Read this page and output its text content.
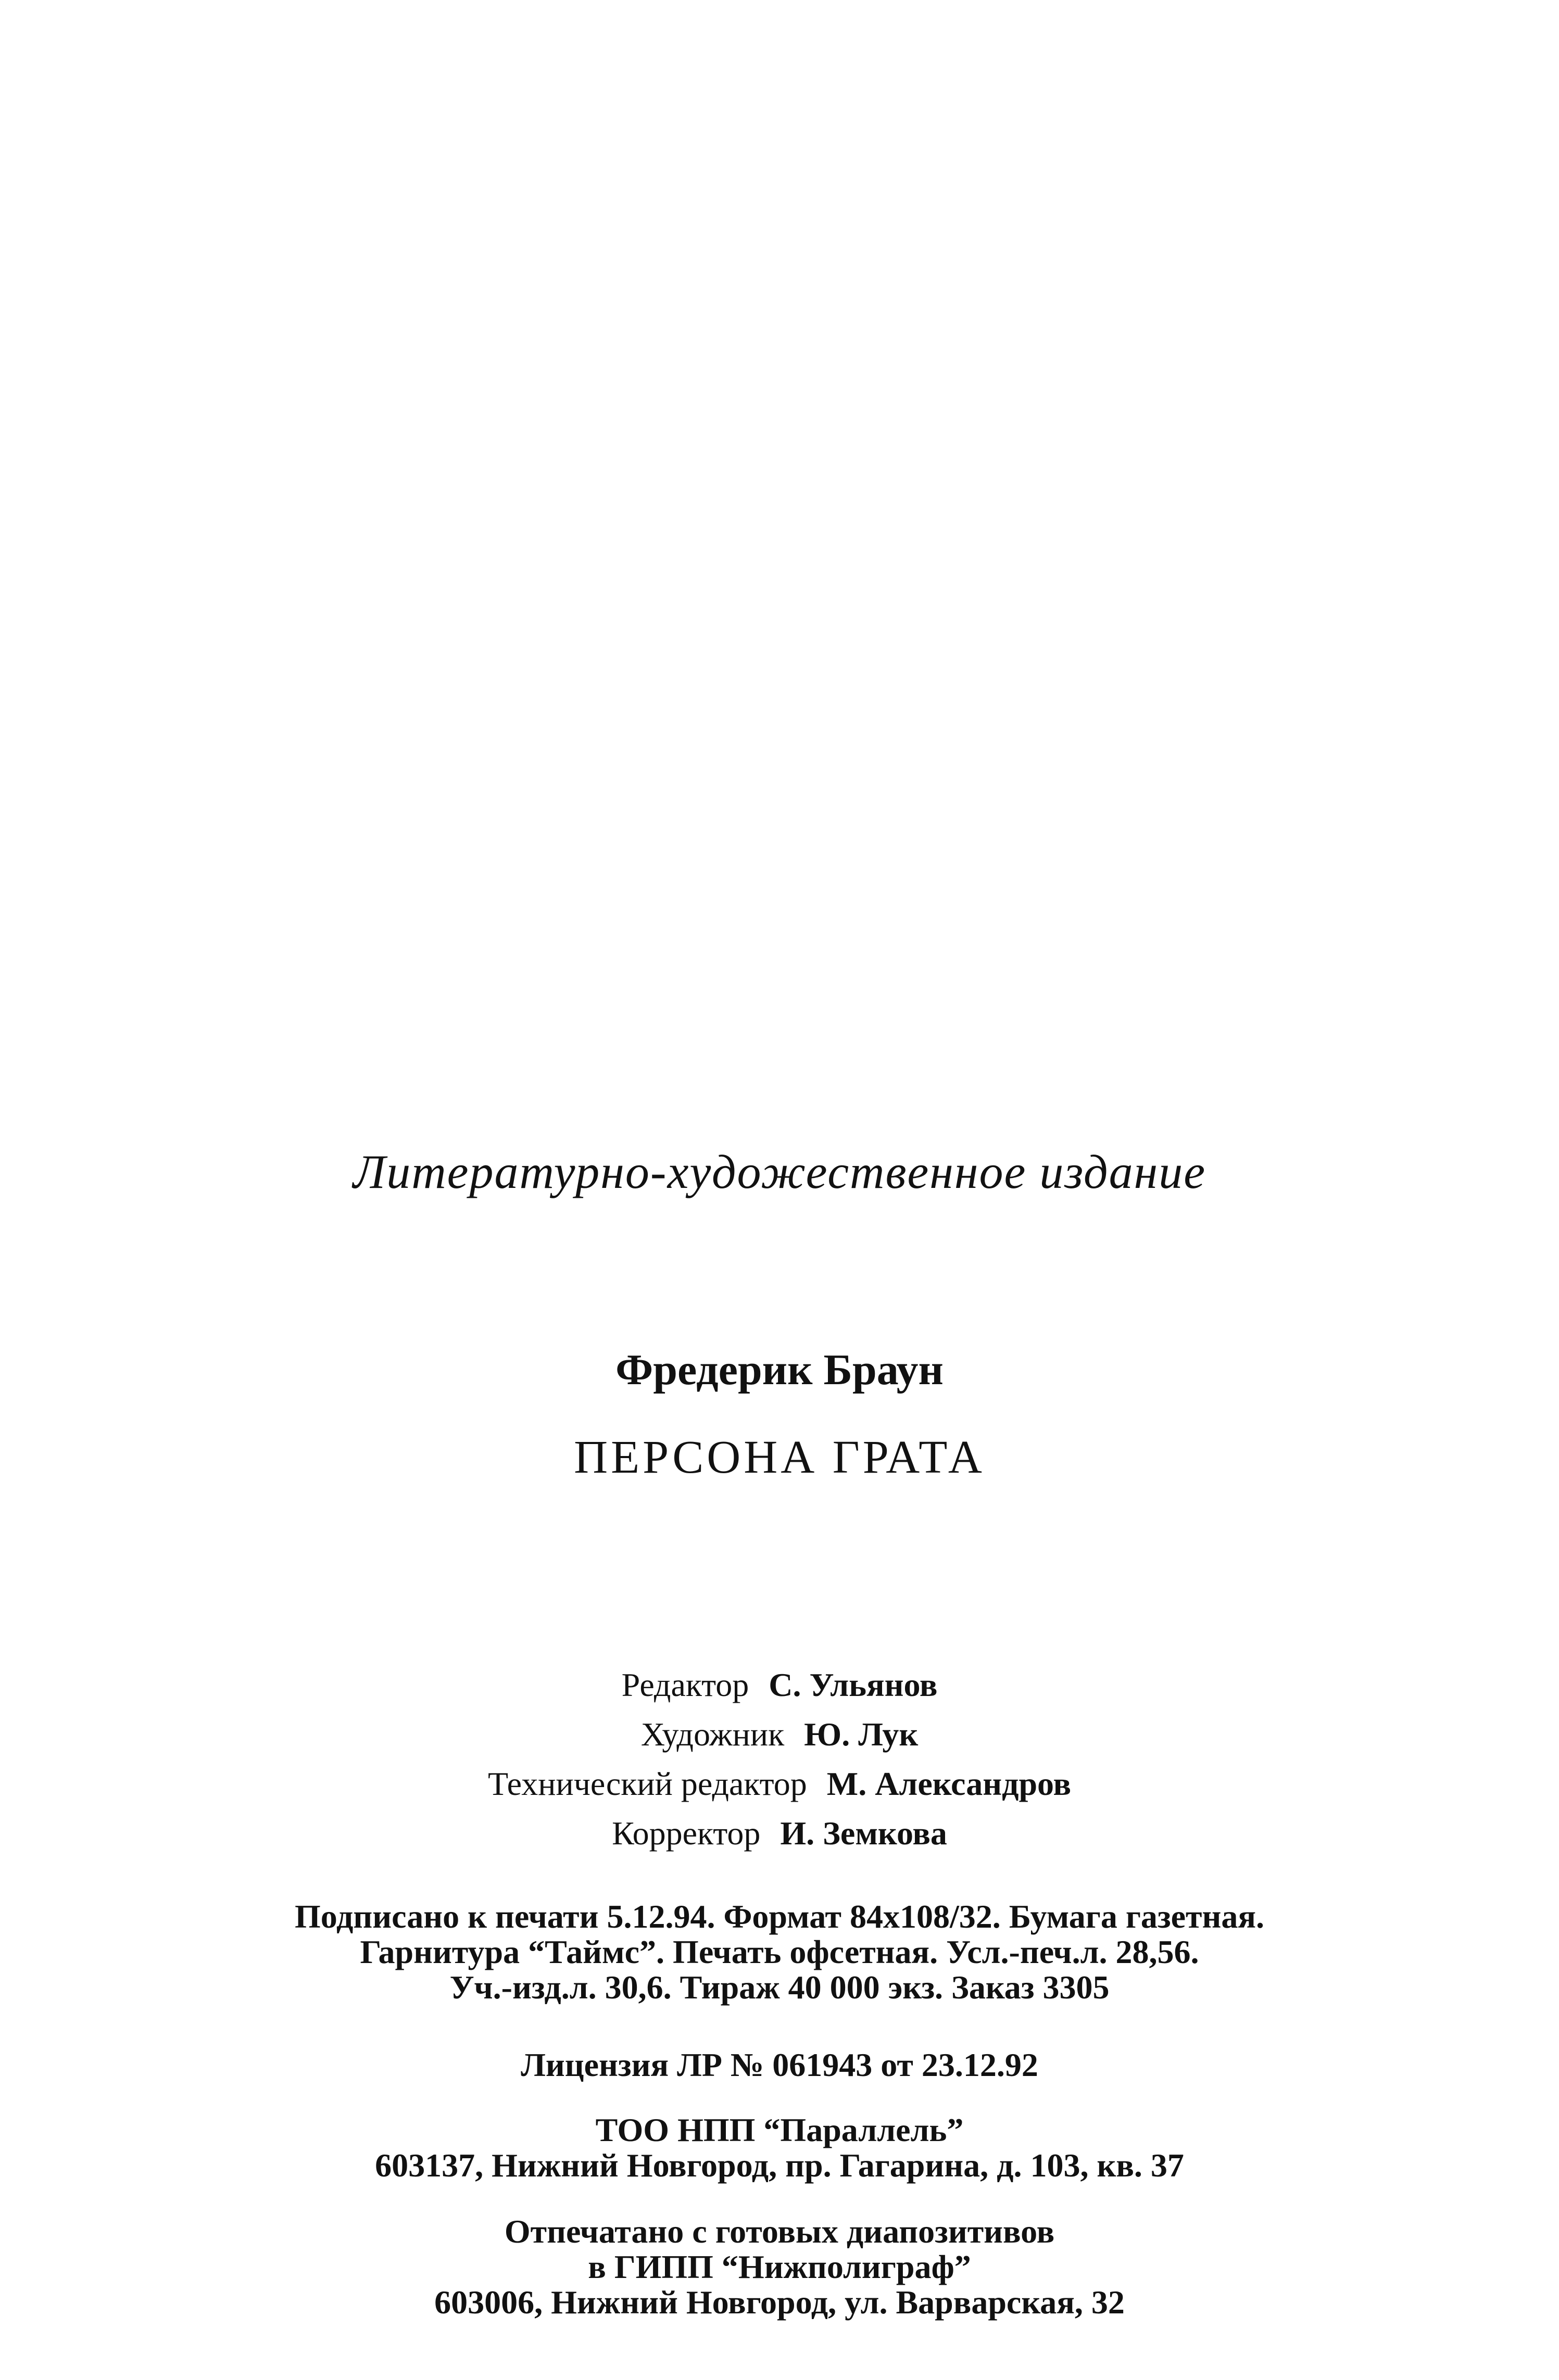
Литературно-художественное издание
Фредерик Браун
ПЕРСОНА ГРАТА
Редактор С. Ульянов
Художник Ю. Лук
Технический редактор М. Александров
Корректор И. Земкова
Подписано к печати 5.12.94. Формат 84x108/32. Бумага газетная.
Гарнитура “Таймс”. Печать офсетная. Усл.-печ.л. 28,56.
Уч.-изд.л. 30,6. Тираж 40 000 экз. Заказ 3305
Лицензия ЛР № 061943 от 23.12.92
ТОО НПП “Параллель”
603137, Нижний Новгород, пр. Гагарина, д. 103, кв. 37
Отпечатано с готовых диапозитивов
в ГИПП “Нижполиграф”
603006, Нижний Новгород, ул. Варварская, 32
